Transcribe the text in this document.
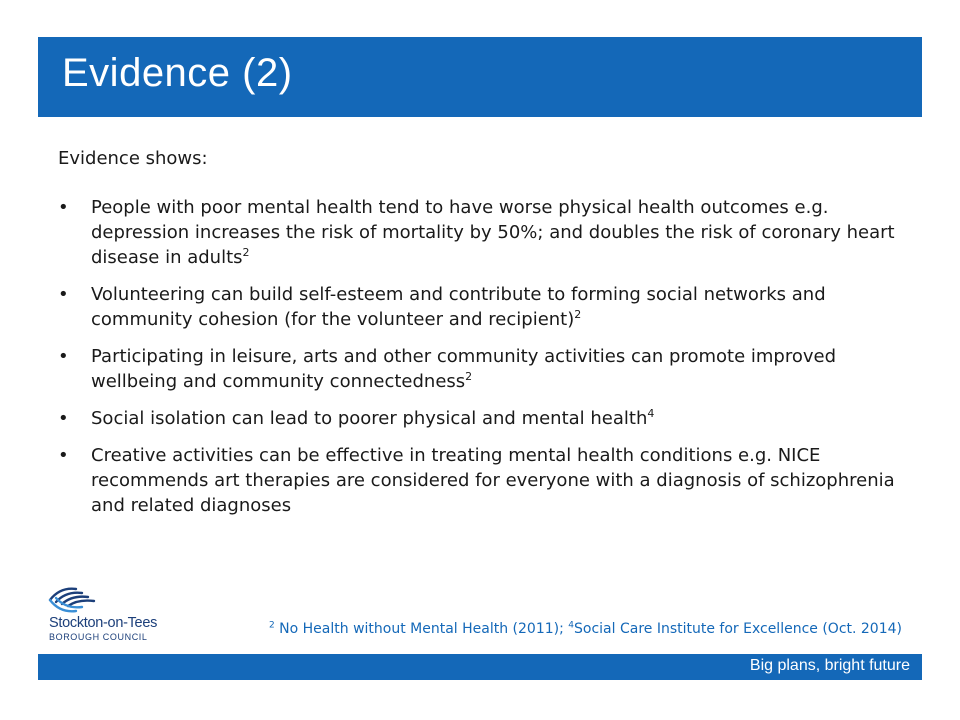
Evidence (2)

Evidence shows:

• People with poor mental health tend to have worse physical health outcomes e.g. depression increases the risk of mortality by 50%; and doubles the risk of coronary heart disease in adults$^2$
• Volunteering can build self-esteem and contribute to forming social networks and community cohesion (for the volunteer and recipient)$^2$
• Participating in leisure, arts and other community activities can promote improved wellbeing and community connectedness$^2$
• Social isolation can lead to poorer physical and mental health$^4$
• Creative activities can be effective in treating mental health conditions e.g. NICE recommends art therapies are considered for everyone with a diagnosis of schizophrenia and related diagnoses
Stockton-on-Tees
BOROUGH COUNCIL
$^2$ No Health without Mental Health (2011); $^4$Social Care Institute for Excellence (Oct. 2014)
Big plans, bright future
